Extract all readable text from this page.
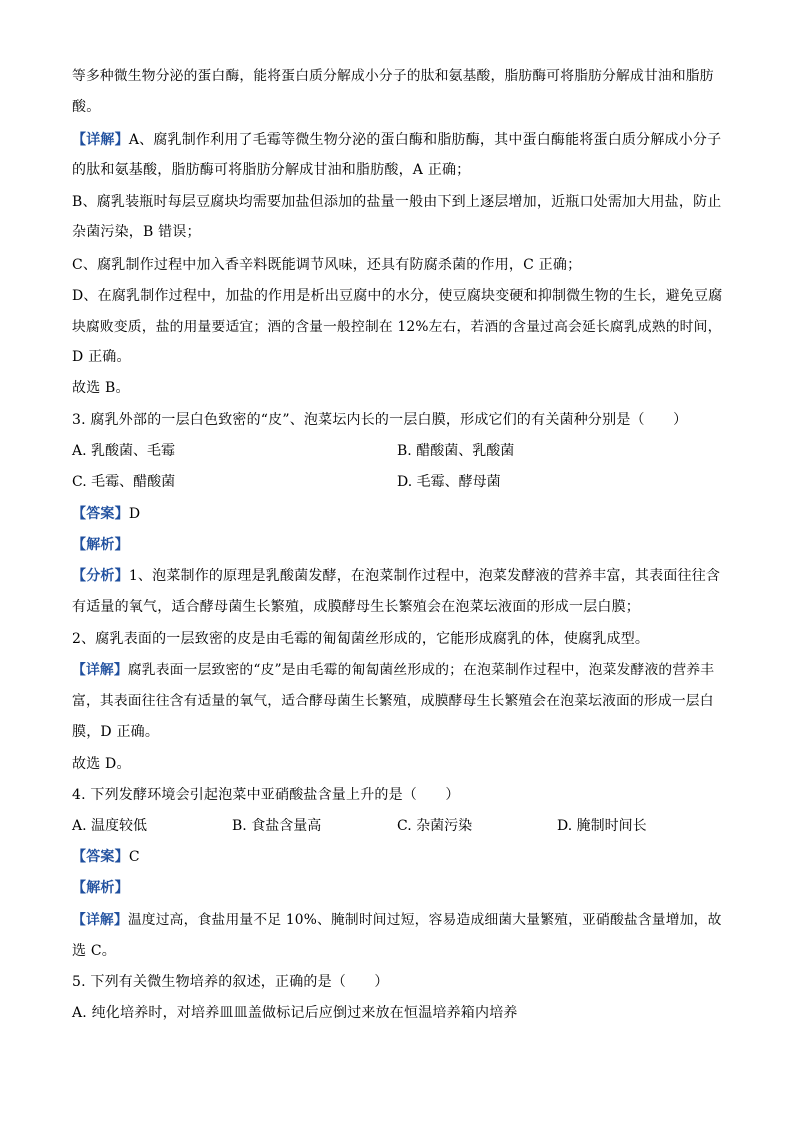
等多种微生物分泌的蛋白酶，能将蛋白质分解成小分子的肽和氨基酸，脂肪酶可将脂肪分解成甘油和脂肪
酸。
【详解】A、腐乳制作利用了毛霉等微生物分泌的蛋白酶和脂肪酶，其中蛋白酶能将蛋白质分解成小分子
的肽和氨基酸，脂肪酶可将脂肪分解成甘油和脂肪酸，A 正确；
B、腐乳装瓶时每层豆腐块均需要加盐但添加的盐量一般由下到上逐层增加，近瓶口处需加大用盐，防止
杂菌污染，B 错误；
C、腐乳制作过程中加入香辛料既能调节风味，还具有防腐杀菌的作用，C 正确；
D、在腐乳制作过程中，加盐的作用是析出豆腐中的水分，使豆腐块变硬和抑制微生物的生长，避免豆腐
块腐败变质，盐的用量要适宜；酒的含量一般控制在 12%左右，若酒的含量过高会延长腐乳成熟的时间，
D 正确。
故选 B。
3. 腐乳外部的一层白色致密的“皮”、泡菜坛内长的一层白膜，形成它们的有关菌种分别是（　　）
A. 乳酸菌、毛霉	B. 醋酸菌、乳酸菌
C. 毛霉、醋酸菌	D. 毛霉、酵母菌
【答案】D
【解析】
【分析】1、泡菜制作的原理是乳酸菌发酵，在泡菜制作过程中，泡菜发酵液的营养丰富，其表面往往含
有适量的氧气，适合酵母菌生长繁殖，成膜酵母生长繁殖会在泡菜坛液面的形成一层白膜；
2、腐乳表面的一层致密的皮是由毛霉的匍匐菌丝形成的，它能形成腐乳的体，使腐乳成型。
【详解】腐乳表面一层致密的“皮”是由毛霉的匍匐菌丝形成的；在泡菜制作过程中，泡菜发酵液的营养丰
富，其表面往往含有适量的氧气，适合酵母菌生长繁殖，成膜酵母生长繁殖会在泡菜坛液面的形成一层白
膜，D 正确。
故选 D。
4. 下列发酵环境会引起泡菜中亚硝酸盐含量上升的是（　　）
A. 温度较低	B. 食盐含量高	C. 杂菌污染	D. 腌制时间长
【答案】C
【解析】
【详解】温度过高，食盐用量不足 10%、腌制时间过短，容易造成细菌大量繁殖，亚硝酸盐含量增加，故
选 C。
5. 下列有关微生物培养的叙述，正确的是（　　）
A. 纯化培养时，对培养皿皿盖做标记后应倒过来放在恒温培养箱内培养
